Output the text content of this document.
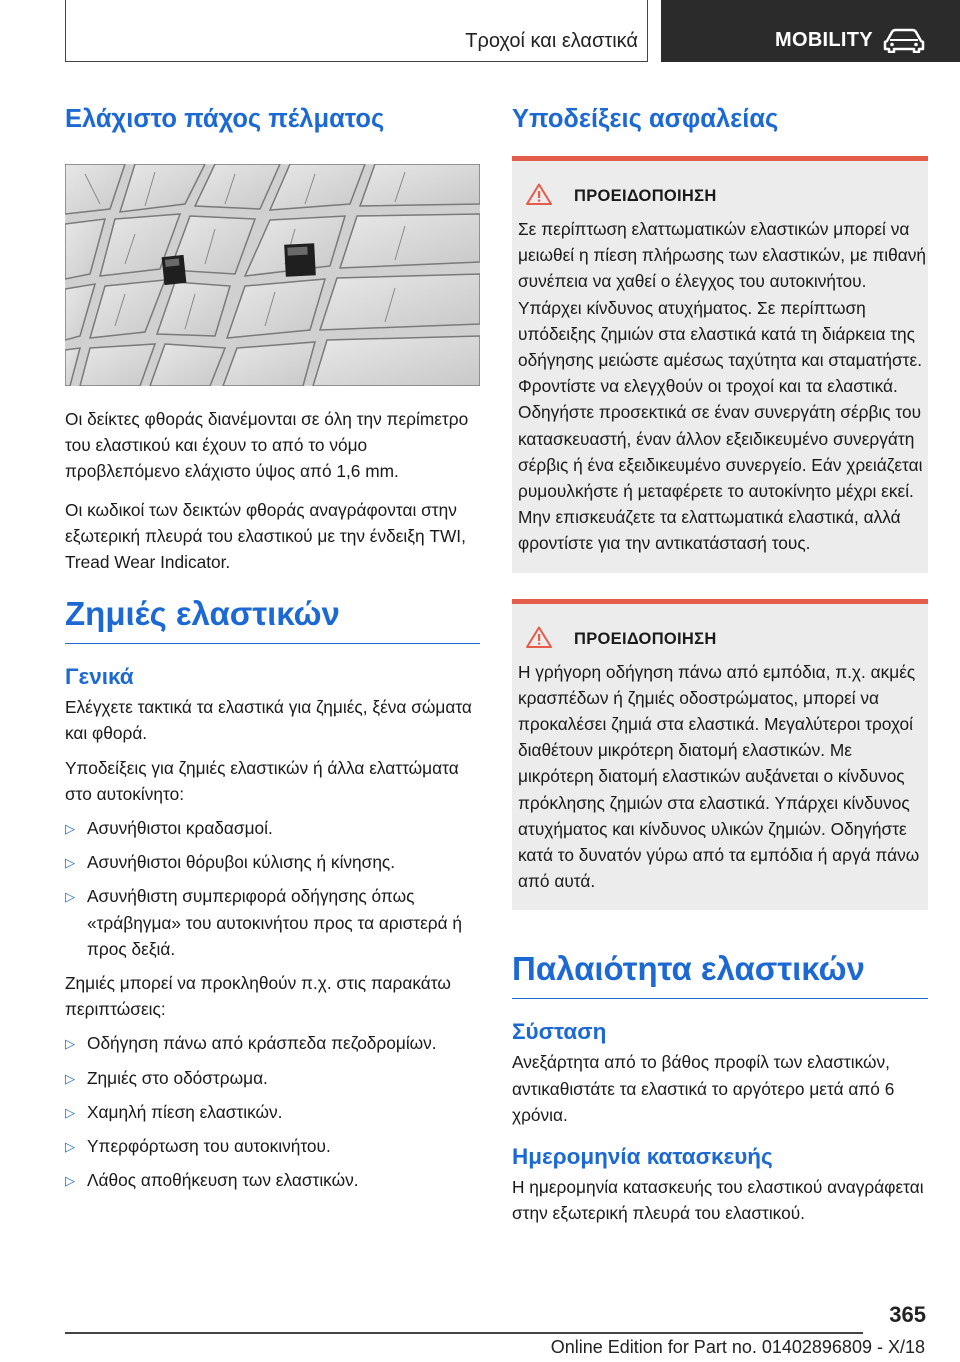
Τροχοί και ελαστικά	MOBILITY
Ελάχιστο πάχος πέλματος

Οι δείκτες φθοράς διανέμονται σε όλη την περίmετρο του ελαστικού και έχουν το από το νόμο προβλεπόμενο ελάχιστο ύψος από 1,6 mm.

Οι κωδικοί των δεικτών φθοράς αναγράφονται στην εξωτερική πλευρά του ελαστικού με την ένδειξη TWI, Tread Wear Indicator.

Ζημιές ελαστικών
Γενικά

Ελέγχετε τακτικά τα ελαστικά για ζημιές, ξένα σώματα και φθορά.

Υποδείξεις για ζημιές ελαστικών ή άλλα ελαττώματα στο αυτοκίνητο:

▷ Ασυνήθιστοι κραδασμοί.
▷ Ασυνήθιστοι θόρυβοι κύλισης ή κίνησης.
▷ Ασυνήθιστη συμπεριφορά οδήγησης όπως «τράβηγμα» του αυτοκινήτου προς τα αριστερά ή προς δεξιά.

Ζημιές μπορεί να προκληθούν π.χ. στις παρακάτω περιπτώσεις:

▷ Οδήγηση πάνω από κράσπεδα πεζοδρομίων.
▷ Ζημιές στο οδόστρωμα.
▷ Χαμηλή πίεση ελαστικών.
▷ Υπερφόρτωση του αυτοκινήτου.
▷ Λάθος αποθήκευση των ελαστικών.
Υποδείξεις ασφαλείας
ΠΡΟΕΙΔΟΠΟΙΗΣΗ

Σε περίπτωση ελαττωματικών ελαστικών μπορεί να μειωθεί η πίεση πλήρωσης των ελαστικών, με πιθανή συνέπεια να χαθεί ο έλεγχος του αυτοκινήτου. Υπάρχει κίνδυνος ατυχήματος. Σε περίπτωση υπόδειξης ζημιών στα ελαστικά κατά τη διάρκεια της οδήγησης μειώστε αμέσως ταχύτητα και σταματήστε. Φροντίστε να ελεγχθούν οι τροχοί και τα ελαστικά. Οδηγήστε προσεκτικά σε έναν συνεργάτη σέρβις του κατασκευαστή, έναν άλλον εξειδικευμένο συνεργάτη σέρβις ή ένα εξειδικευμένο συνεργείο. Εάν χρειάζεται ρυμουλκήστε ή μεταφέρετε το αυτοκίνητο μέχρι εκεί. Μην επισκευάζετε τα ελαττωματικά ελαστικά, αλλά φροντίστε για την αντικατάστασή τους.

ΠΡΟΕΙΔΟΠΟΙΗΣΗ

Η γρήγορη οδήγηση πάνω από εμπόδια, π.χ. ακμές κρασπέδων ή ζημιές οδοστρώματος, μπορεί να προκαλέσει ζημιά στα ελαστικά. Μεγαλύτεροι τροχοί διαθέτουν μικρότερη διατομή ελαστικών. Με μικρότερη διατομή ελαστικών αυξάνεται ο κίνδυνος πρόκλησης ζημιών στα ελαστικά. Υπάρχει κίνδυνος ατυχήματος και κίνδυνος υλικών ζημιών. Οδηγήστε κατά το δυνατόν γύρω από τα εμπόδια ή αργά πάνω από αυτά.

Παλαιότητα ελαστικών
Σύσταση

Ανεξάρτητα από το βάθος προφίλ των ελαστικών, αντικαθιστάτε τα ελαστικά το αργότερο μετά από 6 χρόνια.

Ημερομηνία κατασκευής

Η ημερομηνία κατασκευής του ελαστικού αναγράφεται στην εξωτερική πλευρά του ελαστικού.

365
Online Edition for Part no. 01402896809 - X/18
